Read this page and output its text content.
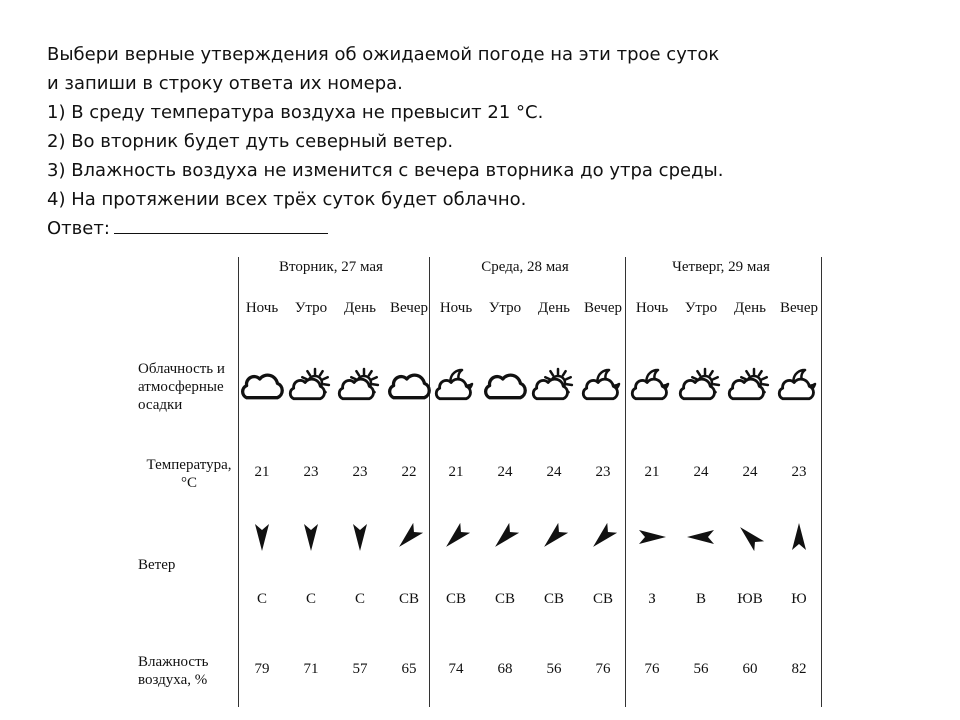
Выбери верные утверждения об ожидаемой погоде на эти трое суток

и запиши в строку ответа их номера.

1) В среду температура воздуха не превысит 21 °С.

2) Во вторник будет дуть северный ветер.

3) Влажность воздуха не изменится с вечера вторника до утра среды.

4) На протяжении всех трёх суток будет облачно.

Ответ:

Облачность и атмосферные осадки
Температура, °С
Ветер
Влажность воздуха, %
Вторник, 27 мая
Ночь
21
С
79
Утро
23
С
71
День
23
С
57
Вечер
22
СВ
65
Среда, 28 мая
Ночь
21
СВ
74
Утро
24
СВ
68
День
24
СВ
56
Вечер
23
СВ
76
Четверг, 29 мая
Ночь
21
З
76
Утро
24
В
56
День
24
ЮВ
60
Вечер
23
Ю
82
